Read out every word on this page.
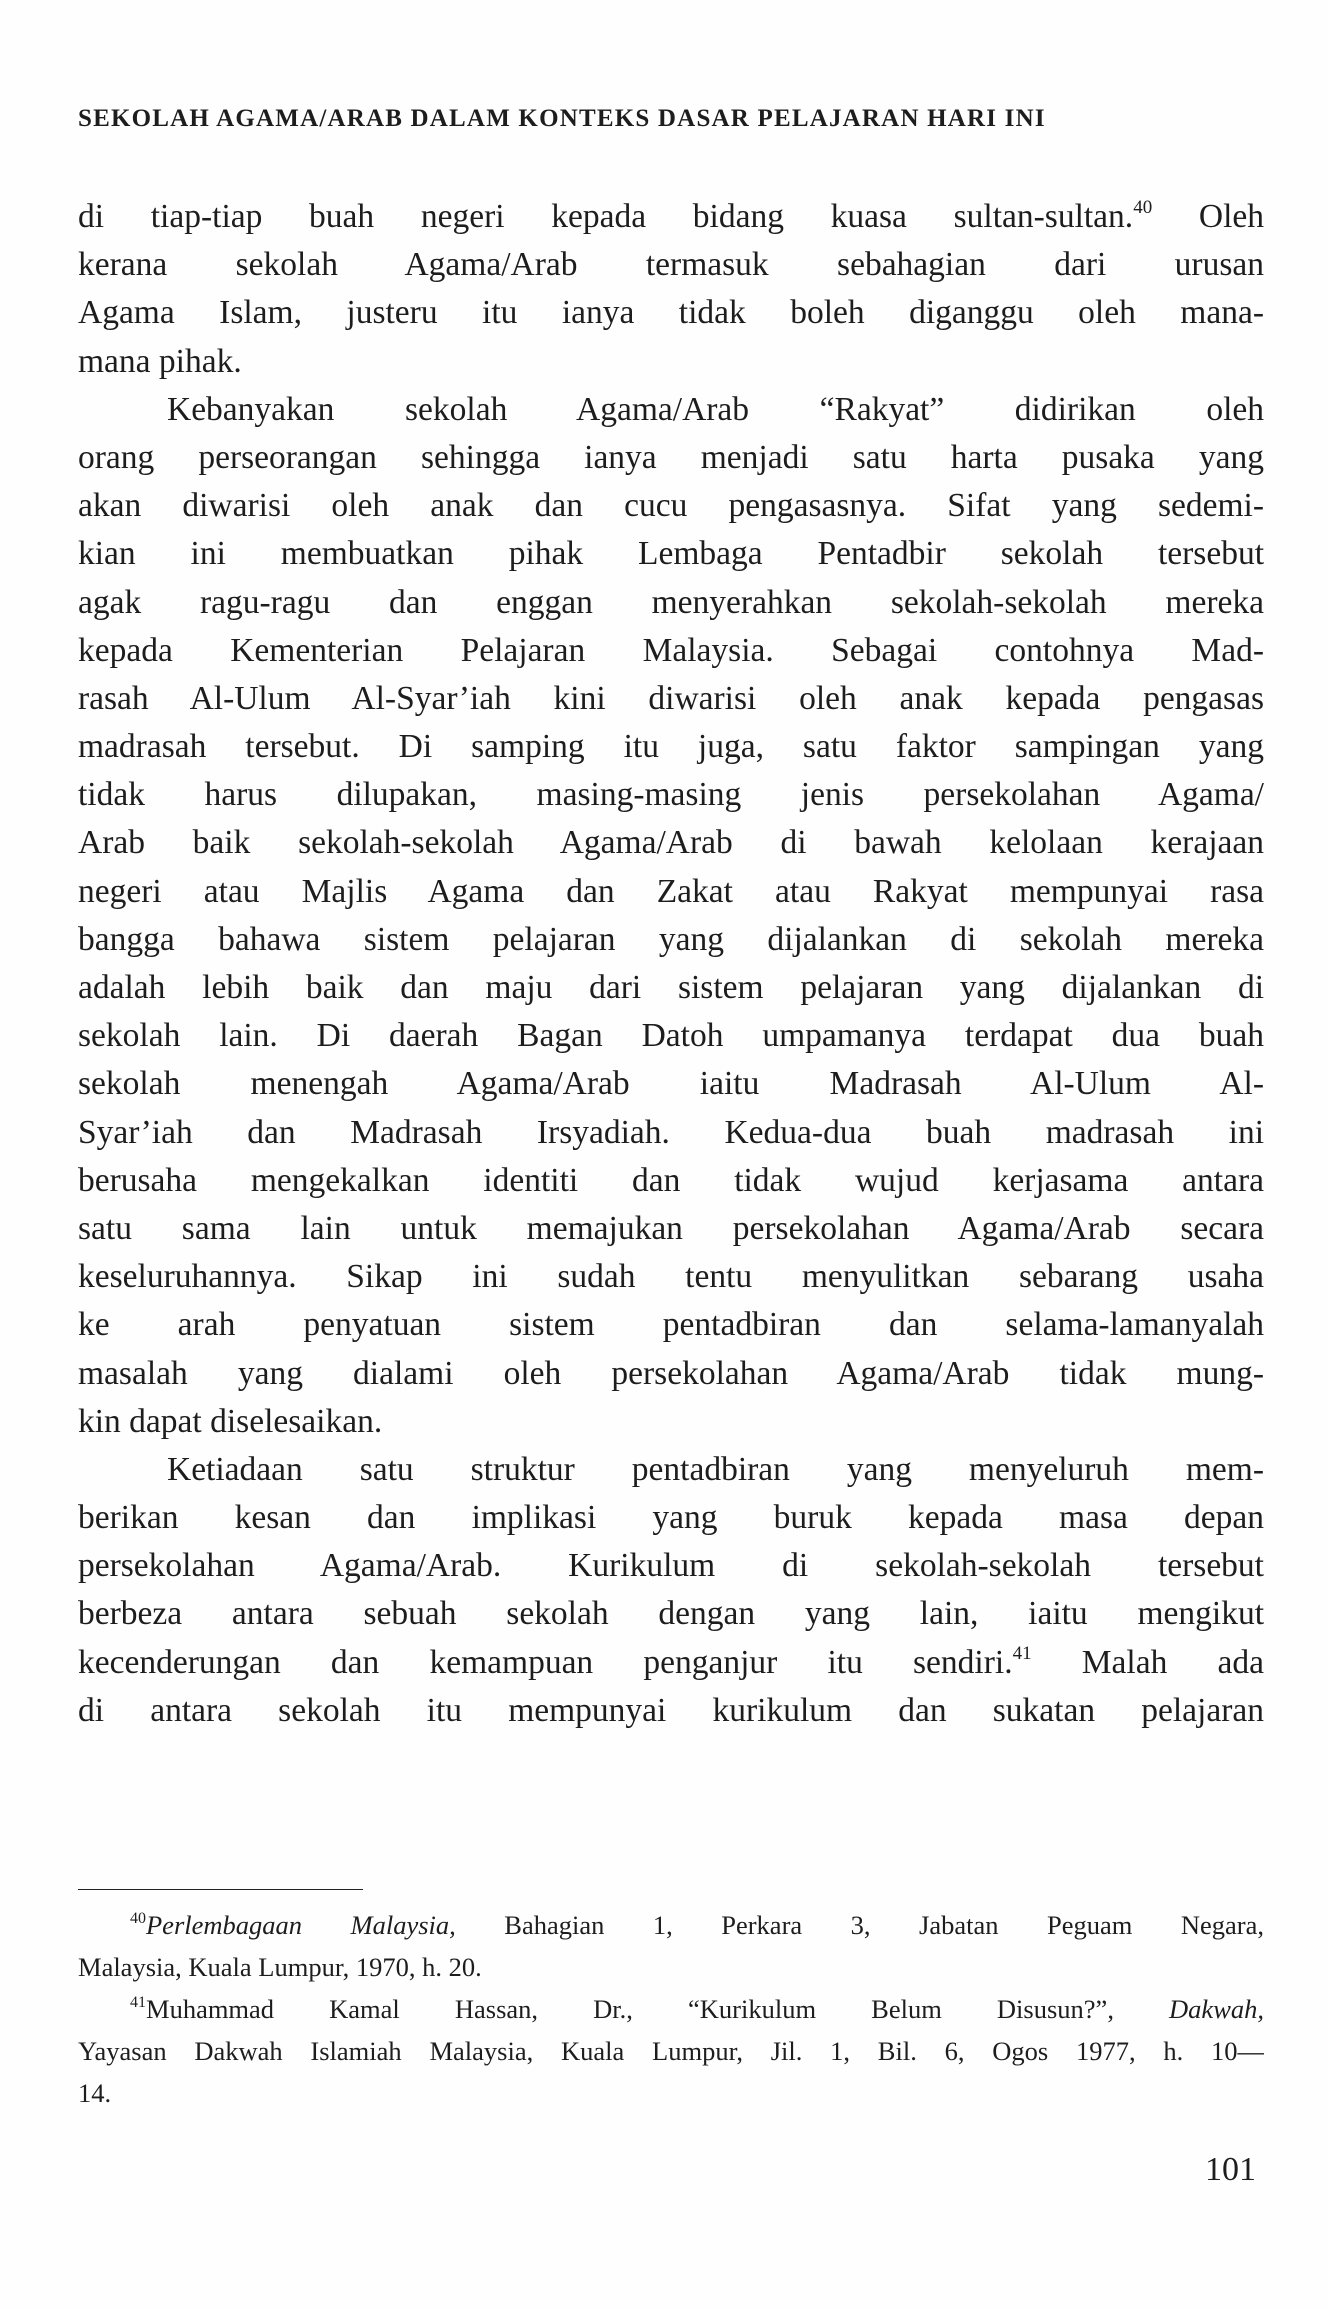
SEKOLAH AGAMA/ARAB DALAM KONTEKS DASAR PELAJARAN HARI INI
di tiap-tiap buah negeri kepada bidang kuasa sultan-sultan.$^{40}$ Oleh
kerana sekolah Agama/Arab termasuk sebahagian dari urusan
Agama Islam, justeru itu ianya tidak boleh diganggu oleh mana-
mana pihak.
Kebanyakan sekolah Agama/Arab “Rakyat” didirikan oleh
orang perseorangan sehingga ianya menjadi satu harta pusaka yang
akan diwarisi oleh anak dan cucu pengasasnya. Sifat yang sedemi-
kian ini membuatkan pihak Lembaga Pentadbir sekolah tersebut
agak ragu-ragu dan enggan menyerahkan sekolah-sekolah mereka
kepada Kementerian Pelajaran Malaysia. Sebagai contohnya Mad-
rasah Al-Ulum Al-Syar’iah kini diwarisi oleh anak kepada pengasas
madrasah tersebut. Di samping itu juga, satu faktor sampingan yang
tidak harus dilupakan, masing-masing jenis persekolahan Agama/
Arab baik sekolah-sekolah Agama/Arab di bawah kelolaan kerajaan
negeri atau Majlis Agama dan Zakat atau Rakyat mempunyai rasa
bangga bahawa sistem pelajaran yang dijalankan di sekolah mereka
adalah lebih baik dan maju dari sistem pelajaran yang dijalankan di
sekolah lain. Di daerah Bagan Datoh umpamanya terdapat dua buah
sekolah menengah Agama/Arab iaitu Madrasah Al-Ulum Al-
Syar’iah dan Madrasah Irsyadiah. Kedua-dua buah madrasah ini
berusaha mengekalkan identiti dan tidak wujud kerjasama antara
satu sama lain untuk memajukan persekolahan Agama/Arab secara
keseluruhannya. Sikap ini sudah tentu menyulitkan sebarang usaha
ke arah penyatuan sistem pentadbiran dan selama-lamanyalah
masalah yang dialami oleh persekolahan Agama/Arab tidak mung-
kin dapat diselesaikan.
Ketiadaan satu struktur pentadbiran yang menyeluruh mem-
berikan kesan dan implikasi yang buruk kepada masa depan
persekolahan Agama/Arab. Kurikulum di sekolah-sekolah tersebut
berbeza antara sebuah sekolah dengan yang lain, iaitu mengikut
kecenderungan dan kemampuan penganjur itu sendiri.$^{41}$ Malah ada
di antara sekolah itu mempunyai kurikulum dan sukatan pelajaran
$^{40}$Perlembagaan Malaysia, Bahagian 1, Perkara 3, Jabatan Peguam Negara,
Malaysia, Kuala Lumpur, 1970, h. 20.
$^{41}$Muhammad Kamal Hassan, Dr., “Kurikulum Belum Disusun?”, Dakwah,
Yayasan Dakwah Islamiah Malaysia, Kuala Lumpur, Jil. 1, Bil. 6, Ogos 1977, h. 10—
14.
101
